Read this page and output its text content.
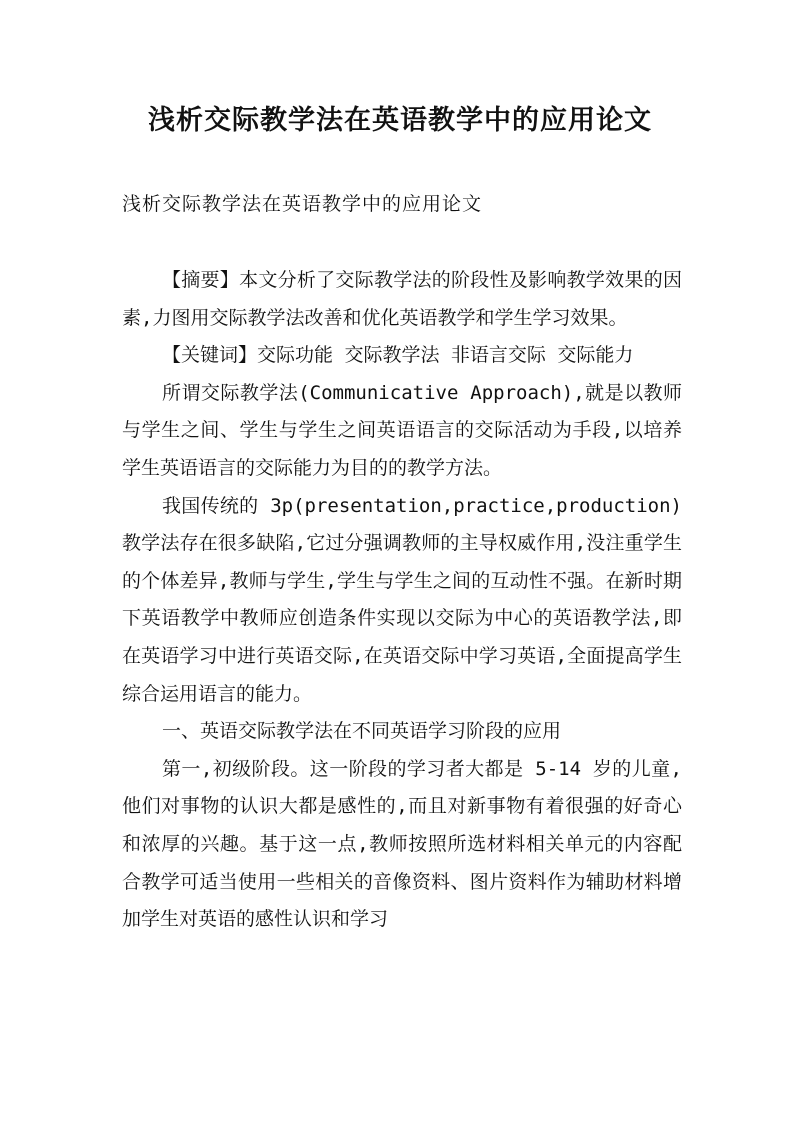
浅析交际教学法在英语教学中的应用论文

浅析交际教学法在英语教学中的应用论文

【摘要】本文分析了交际教学法的阶段性及影响教学效果的因素,力图用交际教学法改善和优化英语教学和学生学习效果。

【关键词】交际功能 交际教学法 非语言交际 交际能力

所谓交际教学法(Communicative Approach),就是以教师与学生之间、学生与学生之间英语语言的交际活动为手段,以培养学生英语语言的交际能力为目的的教学方法。

我国传统的 3p(presentation,practice,production)教学法存在很多缺陷,它过分强调教师的主导权威作用,没注重学生的个体差异,教师与学生,学生与学生之间的互动性不强。在新时期下英语教学中教师应创造条件实现以交际为中心的英语教学法,即在英语学习中进行英语交际,在英语交际中学习英语,全面提高学生综合运用语言的能力。

一、英语交际教学法在不同英语学习阶段的应用

第一,初级阶段。这一阶段的学习者大都是 5-14 岁的儿童,他们对事物的认识大都是感性的,而且对新事物有着很强的好奇心和浓厚的兴趣。基于这一点,教师按照所选材料相关单元的内容配合教学可适当使用一些相关的音像资料、图片资料作为辅助材料增加学生对英语的感性认识和学习
